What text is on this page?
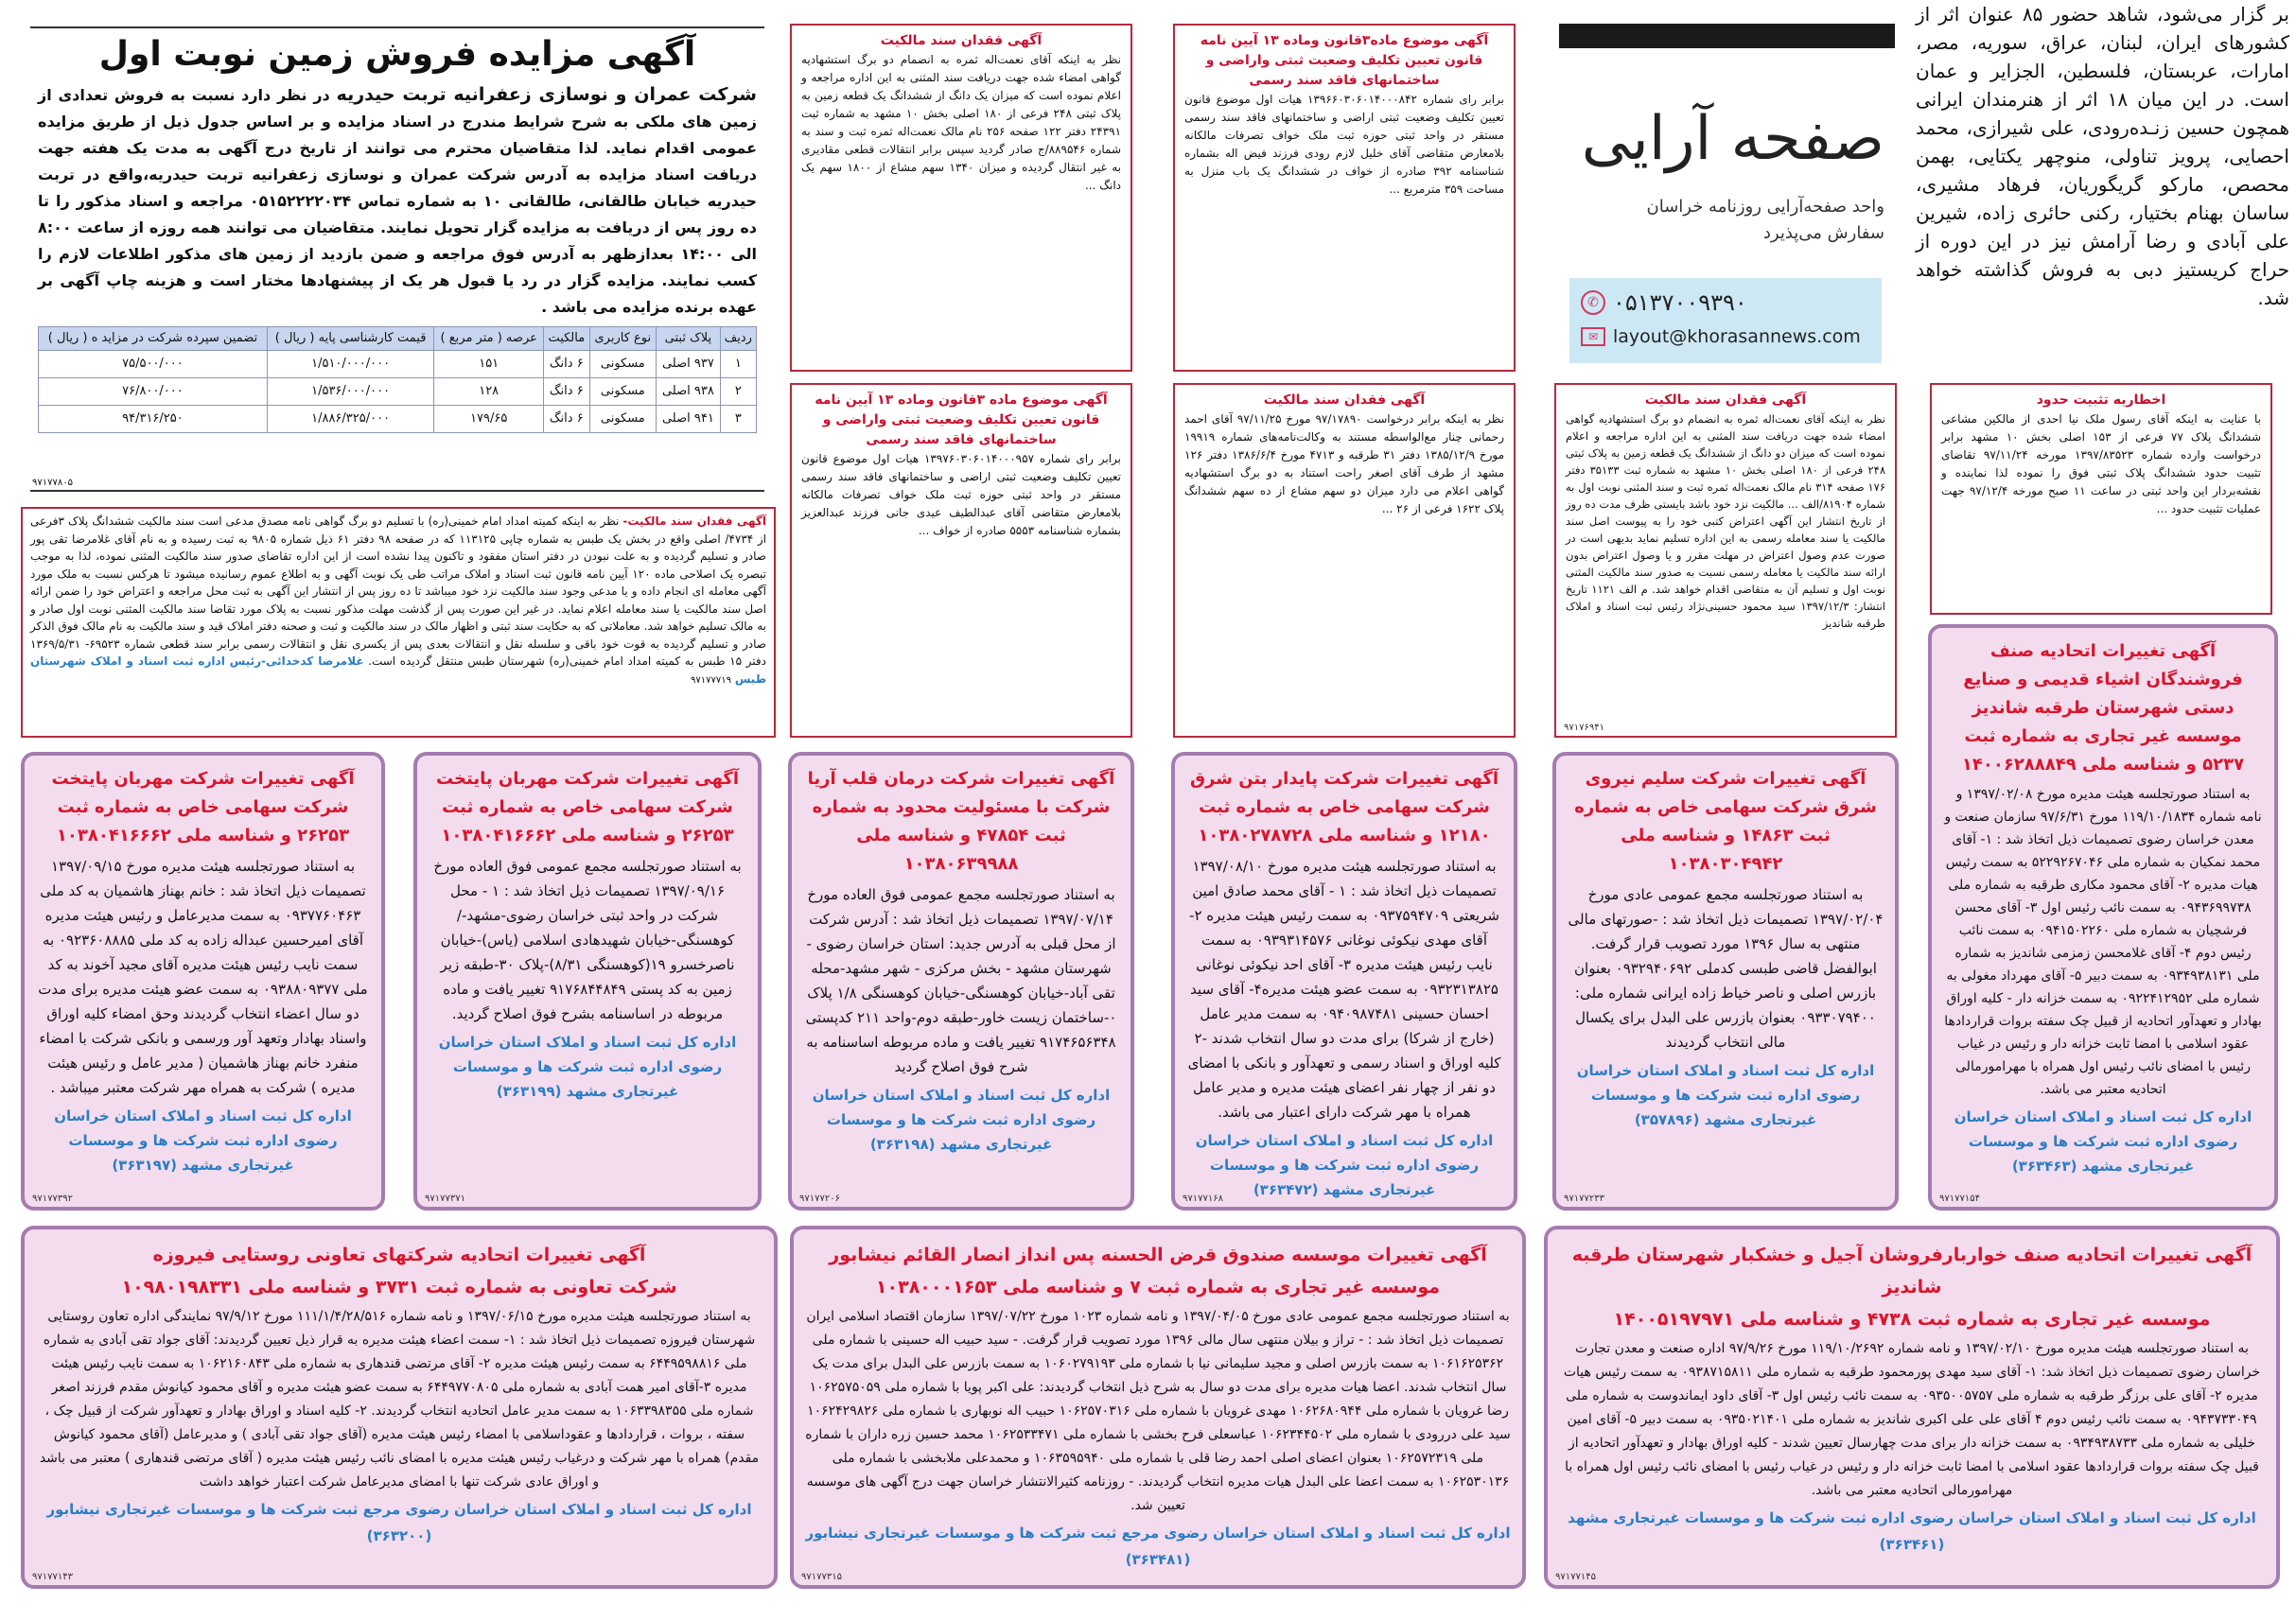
آگهی مزایده فروش زمین نوبت اول
شرکت عمران و نوسازی زعفرانیه تربت حیدریه در نظر دارد نسبت به فروش تعدادی از زمین های ملکی به شرح شرایط مندرج در اسناد مزایده و بر اساس جدول ذیل از طریق مزایده عمومی اقدام نماید. لذا متقاضیان محترم می توانند از تاریخ درج آگهی به مدت یک هفته جهت دریافت اسناد مزایده به آدرس شرکت عمران و نوسازی زعفرانیه تربت حیدریه،واقع در تربت حیدریه خیابان طالقانی، طالقانی ۱۰ به شماره تماس ۰۵۱۵۲۲۲۲۰۳۴ مراجعه و اسناد مذکور را تا ده روز پس از دریافت به مزایده گزار تحویل نمایند. متقاضیان می توانند همه روزه از ساعت ۸:۰۰ الی ۱۴:۰۰ بعدازظهر به آدرس فوق مراجعه و ضمن بازدید از زمین های مذکور اطلاعات لازم را کسب نمایند. مزایده گزار در رد یا قبول هر یک از پیشنهادها مختار است و هزینه چاپ آگهی بر عهده برنده مزایده می باشد .
ردیف	پلاک ثبتی	نوع کاربری	مالکیت	عرصه ( متر مربع )	قیمت کارشناسی پایه ( ریال )	تضمین سپرده شرکت در مزاید ه ( ریال )
۱	۹۳۷ اصلی	مسکونی	۶ دانگ	۱۵۱	۱/۵۱۰/۰۰۰/۰۰۰	۷۵/۵۰۰/۰۰۰
۲	۹۳۸ اصلی	مسکونی	۶ دانگ	۱۲۸	۱/۵۳۶/۰۰۰/۰۰۰	۷۶/۸۰۰/۰۰۰
۳	۹۴۱ اصلی	مسکونی	۶ دانگ	۱۷۹/۶۵	۱/۸۸۶/۳۲۵/۰۰۰	۹۴/۳۱۶/۲۵۰
۹۷۱۷۷۸۰۵
آگهی فقدان سند مالکیت- نظر به اینکه کمیته امداد امام خمینی(ره) با تسلیم دو برگ گواهی نامه مصدق مدعی است سند مالکیت ششدانگ پلاک ۳فرعی از ۴۷۳۴/ اصلی واقع در بخش یک طبس به شماره چاپی ۱۱۳۱۲۵ که در صفحه ۹۸ دفتر ۶۱ ذیل شماره ۹۸۰۵ به ثبت رسیده و به نام آقای غلامرضا تقی پور صادر و تسلیم گردیده و به علت نبودن در دفتر استان مفقود و تاکنون پیدا نشده است از این اداره تقاضای صدور سند مالکیت المثنی نموده، لذا به موجب تبصره یک اصلاحی ماده ۱۲۰ آیین نامه قانون ثبت اسناد و املاک مراتب طی یک نوبت آگهی و به اطلاع عموم رسانیده میشود تا هرکس نسبت به ملک مورد آگهی معامله ای انجام داده و یا مدعی وجود سند مالکیت نزد خود میباشد تا ده روز پس از انتشار این آگهی به ثبت محل مراجعه و اعتراض خود را ضمن ارائه اصل سند مالکیت یا سند معامله اعلام نماید. در غیر این صورت پس از گذشت مهلت مذکور نسبت به پلاک مورد تقاضا سند مالکیت المثنی نوبت اول صادر و به مالک تسلیم خواهد شد. معاملاتی که به حکایت سند ثبتی و اظهار مالک در سند مالکیت و ثبت و صحنه دفتر املاک قید و سند مالکیت به نام مالک فوق الذکر صادر و تسلیم گردیده به قوت خود باقی و سلسله نقل و انتقالات بعدی پس از یکسری نقل و انتقالات رسمی برابر سند قطعی شماره ۶۹۵۲۳- ۱۳۶۹/۵/۳۱ دفتر ۱۵ طبس به کمیته امداد امام خمینی(ره) شهرستان طبس منتقل گردیده است. غلامرضا کدخدائی-رئیس اداره ثبت اسناد و املاک شهرستان طبس ۹۷۱۷۷۷۱۹
آگهی فقدان سند مالکیت
نظر به اینکه آقای نعمت‌اله ثمره به انضمام دو برگ استشهادیه گواهی امضاء شده جهت دریافت سند المثنی به این اداره مراجعه و اعلام نموده است که میزان یک دانگ از ششدانگ یک قطعه زمین به پلاک ثبتی ۲۴۸ فرعی از ۱۸۰ اصلی بخش ۱۰ مشهد به شماره ثبت ۲۴۳۹۱ دفتر ۱۲۲ صفحه ۲۵۶ نام مالک نعمت‌اله ثمره ثبت و سند به شماره ۸۸۹۵۴۶/ج صادر گردید سپس برابر انتقالات قطعی مقادیری به غیر انتقال گردیده و میزان ۱۳۴۰ سهم مشاع از ۱۸۰۰ سهم یک دانگ ...
آگهی موضوع ماده۳قانون وماده ۱۳ آیین نامه قانون تعیین تکلیف وضعیت ثبتی واراضی و ساختمانهای فاقد سند رسمی
برابر رای شماره ۱۳۹۶۶۰۳۰۶۰۱۴۰۰۰۸۴۲ هیات اول موضوع قانون تعیین تکلیف وضعیت ثبتی اراضی و ساختمانهای فاقد سند رسمی مستقر در واحد ثبتی حوزه ثبت ملک خواف تصرفات مالکانه بلامعارض متقاضی آقای خلیل لازم رودی فرزند فیض اله بشماره شناسنامه ۳۹۲ صادره از خواف در ششدانگ یک باب منزل به مساحت ۳۵۹ مترمربع ...
آگهی موضوع ماده ۳قانون وماده ۱۳ آیین نامه قانون تعیین تکلیف وضعیت ثبتی واراضی و ساختمانهای فاقد سند رسمی
برابر رای شماره ۱۳۹۷۶۰۳۰۶۰۱۴۰۰۰۹۵۷ هیات اول موضوع قانون تعیین تکلیف وضعیت ثبتی اراضی و ساختمانهای فاقد سند رسمی مستقر در واحد ثبتی حوزه ثبت ملک خواف تصرفات مالکانه بلامعارض متقاضی آقای عبدالطیف عیدی جانی فرزند عبدالعزیز بشماره شناسنامه ۵۵۵۳ صادره از خواف ...
آگهی فقدان سند مالکیت
نظر به اینکه برابر درخواست ۹۷/۱۷۸۹۰ مورخ ۹۷/۱۱/۲۵ آقای احمد رحمانی چنار مع‌الواسطه مستند به وکالت‌نامه‌های شماره ۱۹۹۱۹ مورخ ۱۳۸۵/۱۲/۹ دفتر ۳۱ طرقبه و ۴۷۱۳ مورخ ۱۳۸۶/۶/۴ دفتر ۱۲۶ مشهد از طرف آقای اصغر راحت استناد به دو برگ استشهادیه گواهی اعلام می دارد میزان دو سهم مشاع از ده سهم ششدانگ پلاک ۱۶۲۲ فرعی از ۲۶ ...
آگهی فقدان سند مالکیت
نظر به اینکه آقای نعمت‌اله ثمره به انضمام دو برگ استشهادیه گواهی امضاء شده جهت دریافت سند المثنی به این اداره مراجعه و اعلام نموده است که میزان دو دانگ از ششدانگ یک قطعه زمین به پلاک ثبتی ۲۴۸ فرعی از ۱۸۰ اصلی بخش ۱۰ مشهد به شماره ثبت ۳۵۱۳۳ دفتر ۱۷۶ صفحه ۳۱۴ نام مالک نعمت‌اله ثمره ثبت و سند المثنی نوبت اول به شماره ۸۱۹۰۴/الف ... مالکیت نزد خود باشد بایستی ظرف مدت ده روز از تاریخ انتشار این آگهی اعتراض کتبی خود را به پیوست اصل سند مالکیت یا سند معامله رسمی به این اداره تسلیم نماید بدیهی است در صورت عدم وصول اعتراض در مهلت مقرر و یا وصول اعتراض بدون ارائه سند مالکیت یا معامله رسمی نسبت به صدور سند مالکیت المثنی نوبت اول و تسلیم آن به متقاضی اقدام خواهد شد. م الف ۱۱۲۱ تاریخ انتشار: ۱۳۹۷/۱۲/۳ سید محمود حسینی‌نژاد رئیس ثبت اسناد و املاک طرقبه شاندیز
۹۷۱۷۶۹۴۱
اخطاریه تثبیت حدود
با عنایت به اینکه آقای رسول ملک نیا احدی از مالکین مشاعی ششدانگ پلاک ۷۷ فرعی از ۱۵۳ اصلی بخش ۱۰ مشهد برابر درخواست وارده شماره ۱۳۹۷/۸۳۵۲۳ مورخه ۹۷/۱۱/۲۴ تقاضای تثبیت حدود ششدانگ پلاک ثبتی فوق را نموده لذا نماینده و نقشه‌بردار این واحد ثبتی در ساعت ۱۱ صبح مورخه ۹۷/۱۲/۴ جهت عملیات تثبیت حدود ...
صفحه آرایی
واحد صفحه‌آرایی روزنامه خراسان
سفارش می‌پذیرد
✆ ۰۵۱۳۷۰۰۹۳۹۰
✉ layout@khorasannews.com
بر گزار می‌شود، شاهد حضور ۸۵ عنوان اثر از کشورهای ایران، لبنان، عراق، سوریه، مصر، امارات، عربستان، فلسطین، الجزایر و عمان است. در این میان ۱۸ اثر از هنرمندان ایرانی همچون حسین زنـده‌رودی، علی شیرازی، محمد احصایی، پرویز تناولی، منوچهر یکتایی، بهمن محصص، مارکو گریگوریان، فرهاد مشیری، ساسان بهنام بختیار، رکنی حائری زاده، شیرین علی آبادی و رضا آرامش نیز در این دوره از حراج کریستیز دبی به فروش گذاشته خواهد شد.
آگهی تغییرات شرکت مهربان پایتخت شرکت سهامی خاص به شماره ثبت ۲۶۲۵۳ و شناسه ملی ۱۰۳۸۰۴۱۶۶۶۲
به استناد صورتجلسه هیئت مدیره مورخ ۱۳۹۷/۰۹/۱۵ تصمیمات ذیل اتخاذ شد : خانم بهناز هاشمیان به کد ملی ۰۹۳۷۷۶۰۴۶۳ به سمت مدیرعامل و رئیس هیئت مدیره آقای امیرحسین عبداله زاده به کد ملی ۰۹۲۳۶۰۸۸۸۵ به سمت نایب رئیس هیئت مدیره آقای مجید آخوند به کد ملی ۰۹۳۸۸۰۹۳۷۷ به سمت عضو هیئت مدیره برای مدت دو سال اعضاء انتخاب گردیدند وحق امضاء کلیه اوراق واسناد بهادار وتعهد آور ورسمی و بانکی شرکت با امضاء منفرد خانم بهناز هاشمیان ( مدیر عامل و رئیس هیئت مدیره ) شرکت به همراه مهر شرکت معتبر میباشد .
اداره کل ثبت اسناد و املاک استان خراسان رضوی اداره ثبت شرکت ها و موسسات غیرتجاری مشهد (۳۶۳۱۹۷)
۹۷۱۷۷۳۹۲
آگهی تغییرات شرکت مهربان پایتخت شرکت سهامی خاص به شماره ثبت ۲۶۲۵۳ و شناسه ملی ۱۰۳۸۰۴۱۶۶۶۲
به استناد صورتجلسه مجمع عمومی فوق العاده مورخ ۱۳۹۷/۰۹/۱۶ تصمیمات ذیل اتخاذ شد : ۱ - محل شرکت در واحد ثبتی خراسان رضوی-مشهد-/کوهسنگی-خیابان شهیدهادی اسلامی (یاس)-خیابان ناصرخسرو ۱۹(کوهسنگی ۸/۳۱)-پلاک ۳۰-طبقه زیر زمین به کد پستی ۹۱۷۶۸۴۴۸۴۹ تغییر یافت و ماده مربوطه در اساسنامه بشرح فوق اصلاح گردید.
اداره کل ثبت اسناد و املاک استان خراسان رضوی اداره ثبت شرکت ها و موسسات غیرتجاری مشهد (۳۶۳۱۹۹)
۹۷۱۷۷۳۷۱
آگهی تغییرات شرکت درمان قلب آریا شرکت با مسئولیت محدود به شماره ثبت ۴۷۸۵۴ و شناسه ملی ۱۰۳۸۰۶۳۹۹۸۸
به استناد صورتجلسه مجمع عمومی فوق العاده مورخ ۱۳۹۷/۰۷/۱۴ تصمیمات ذیل اتخاذ شد : آدرس شرکت از محل قبلی به آدرس جدید: استان خراسان رضوی - شهرستان مشهد - بخش مرکزی - شهر مشهد-محله تقی آباد-خیابان کوهسنگی-خیابان کوهسنگی ۱/۸ پلاک ۰-ساختمان زیست خاور-طبقه دوم-واحد ۲۱۱ کدپستی ۹۱۷۴۶۵۶۳۴۸ تغییر یافت و ماده مربوطه اساسنامه به شرح فوق اصلاح گردید
اداره کل ثبت اسناد و املاک استان خراسان رضوی اداره ثبت شرکت ها و موسسات غیرتجاری مشهد (۳۶۳۱۹۸)
۹۷۱۷۷۲۰۶
آگهی تغییرات شرکت پایدار بتن شرق شرکت سهامی خاص به شماره ثبت ۱۲۱۸۰ و شناسه ملی ۱۰۳۸۰۲۷۸۷۲۸
به استناد صورتجلسه هیئت مدیره مورخ ۱۳۹۷/۰۸/۱۰ تصمیمات ذیل اتخاذ شد : ۱ - آقای محمد صادق امین شریعتی ۰۹۳۷۵۹۴۷۰۹ به سمت رئیس هیئت مدیره ۲- آقای مهدی نیکوئی نوغانی ۰۹۳۹۳۱۴۵۷۶ به سمت نایب رئیس هیئت مدیره ۳- آقای احد نیکوئی نوغانی ۰۹۳۲۳۱۳۸۲۵ به سمت عضو هیئت مدیره۴- آقای سید احسان حسینی ۰۹۴۰۹۸۷۴۸۱ به سمت مدیر عامل (خارج از شرکا) برای مدت دو سال انتخاب شدند -۲ کلیه اوراق و اسناد رسمی و تعهدآور و بانکی با امضای دو نفر از چهار نفر اعضای هیئت مدیره و مدیر عامل همراه با مهر شرکت دارای اعتبار می باشد.
اداره کل ثبت اسناد و املاک استان خراسان رضوی اداره ثبت شرکت ها و موسسات غیرتجاری مشهد (۳۶۳۴۷۲)
۹۷۱۷۷۱۶۸
آگهی تغییرات شرکت سلیم نیروی شرق شرکت سهامی خاص به شماره ثبت ۱۴۸۶۳ و شناسه ملی ۱۰۳۸۰۳۰۴۹۴۲
به استناد صورتجلسه مجمع عمومی عادی مورخ ۱۳۹۷/۰۲/۰۴ تصمیمات ذیل اتخاذ شد : -صورتهای مالی منتهی به سال ۱۳۹۶ مورد تصویب قرار گرفت. ابوالفضل قاضی طبسی کدملی ۰۹۳۲۹۴۰۶۹۲ بعنوان بازرس اصلی و ناصر خیاط زاده ایرانی شماره ملی: ۰۹۳۳۰۷۹۴۰۰ بعنوان بازرس علی البدل برای یکسال مالی انتخاب گردیدند
اداره کل ثبت اسناد و املاک استان خراسان رضوی اداره ثبت شرکت ها و موسسات غیرتجاری مشهد (۳۵۷۸۹۶)
۹۷۱۷۷۲۳۳
آگهی تغییرات اتحادیه صنف فروشندگان اشیاء قدیمی و صنایع دستی شهرستان طرقبه شاندیز موسسه غیر تجاری به شماره ثبت ۵۲۳۷ و شناسه ملی ۱۴۰۰۶۲۸۸۸۴۹
به استناد صورتجلسه هیئت مدیره مورخ ۱۳۹۷/۰۲/۰۸ و نامه شماره ۱۱۹/۱۰/۱۸۳۴ مورخ ۹۷/۶/۳۱ سازمان صنعت و معدن خراسان رضوی تصمیمات ذیل اتخاذ شد : ۱- آقای محمد نمکیان به شماره ملی ۵۲۲۹۲۶۷۰۴۶ به سمت رئیس هیات مدیره ۲- آقای محمود مکاری طرقبه به شماره ملی ۰۹۴۳۶۹۹۷۳۸ به سمت نائب رئیس اول ۳- آقای محسن فرشچیان به شماره ملی ۰۹۴۱۵۰۲۲۶۰ به سمت نائب رئیس دوم ۴- آقای غلامحسن زمزمی شاندیز به شماره ملی ۰۹۳۴۹۳۸۱۳۱ به سمت دبیر ۵- آقای مهرداد مغولی به شماره ملی ۰۹۲۲۴۱۲۹۵۲ به سمت خزانه دار - کلیه اوراق بهادار و تعهدآور اتحادیه از قبیل چک سفته بروات قراردادها عقود اسلامی با امضا ثابت خزانه دار و رئیس در غیاب رئیس با امضای نائب رئیس اول همراه با مهرامورمالی اتحادیه معتبر می باشد.
اداره کل ثبت اسناد و املاک استان خراسان رضوی اداره ثبت شرکت ها و موسسات غیرتجاری مشهد (۳۶۳۴۶۳)
۹۷۱۷۷۱۵۴
آگهی تغییرات اتحادیه شرکتهای تعاونی روستایی فیروزه
شرکت تعاونی به شماره ثبت ۳۷۳۱ و شناسه ملی ۱۰۹۸۰۱۹۸۳۳۱
به استناد صورتجلسه هیئت مدیره مورخ ۱۳۹۷/۰۶/۱۵ و نامه شماره ۱۱۱/۱/۴/۲۸/۵۱۶ مورخ ۹۷/۹/۱۲ نمایندگی اداره تعاون روستایی شهرستان فیروزه تصمیمات ذیل اتخاذ شد : ۱- سمت اعضاء هیئت مدیره به قرار ذیل تعیین گردیدند: آقای جواد تقی آبادی به شماره ملی ۶۴۴۹۵۹۸۸۱۶ به سمت رئیس هیئت مدیره ۲- آقای مرتضی قندهاری به شماره ملی ۱۰۶۲۱۶۰۸۴۳ به سمت نایب رئیس هیئت مدیره ۳-آقای امیر همت آبادی به شماره ملی ۶۴۴۹۷۷۰۸۰۵ به سمت عضو هیئت مدیره و آقای محمود کیانوش مقدم فرزند اصغر شماره ملی ۱۰۶۳۳۹۸۳۵۵ به سمت مدیر عامل اتحادیه انتخاب گردیدند. ۲- کلیه اسناد و اوراق بهادار و تعهدآور شرکت از قبیل چک ، سفته ، بروات ، قراردادها و عقوداسلامی با امضاء رئیس هیئت مدیره (آقای جواد تقی آبادی ) و مدیرعامل (آقای محمود کیانوش مقدم) همراه با مهر شرکت و درغیاب رئیس هیئت مدیره با امضای نائب رئیس هیئت مدیره ( آقای مرتضی قندهاری ) معتبر می باشد و اوراق عادی شرکت تنها با امضای مدیرعامل شرکت اعتبار خواهد داشت
اداره کل ثبت اسناد و املاک استان خراسان رضوی مرجع ثبت شرکت ها و موسسات غیرتجاری نیشابور (۳۶۳۲۰۰)
۹۷۱۷۷۱۴۳
آگهی تغییرات موسسه صندوق قرض الحسنه پس انداز انصار القائم نیشابور
موسسه غیر تجاری به شماره ثبت ۷ و شناسه ملی ۱۰۳۸۰۰۰۱۶۵۳
به استناد صورتجلسه مجمع عمومی عادی مورخ ۱۳۹۷/۰۴/۰۵ و نامه شماره ۱۰۲۳ مورخ ۱۳۹۷/۰۷/۲۲ سازمان اقتصاد اسلامی ایران تصمیمات ذیل اتخاذ شد : - تراز و بیلان منتهی سال مالی ۱۳۹۶ مورد تصویب قرار گرفت. - سید حبیب اله حسینی با شماره ملی ۱۰۶۱۶۲۵۳۶۲ به سمت بازرس اصلی و مجید سلیمانی نیا با شماره ملی ۱۰۶۰۲۷۹۱۹۳ به سمت بازرس علی البدل برای مدت یک سال انتخاب شدند. اعضا هیات مدیره برای مدت دو سال به شرح ذیل انتخاب گردیدند: علی اکبر پویا با شماره ملی ۱۰۶۲۵۷۵۰۵۹ رضا غرویان با شماره ملی ۱۰۶۲۶۸۰۹۴۴ مهدی غرویان با شماره ملی ۱۰۶۲۵۷۰۳۱۶ حبیب اله نوبهاری با شماره ملی ۱۰۶۲۴۲۹۸۲۶ سید علی دررودی با شماره ملی ۱۰۶۲۳۴۴۵۰۲ عباسعلی فرح بخشی با شماره ملی ۱۰۶۲۵۳۳۴۷۱ محمد حسین زره داران با شماره ملی ۱۰۶۲۵۷۲۳۱۹ بعنوان اعضای اصلی احمد رضا قلی با شماره ملی ۱۰۶۳۵۹۵۹۴۰ و محمدعلی ملابخشی با شماره ملی ۱۰۶۲۵۳۰۱۳۶ به سمت اعضا علی البدل هیات مدیره انتخاب گردیدند. - روزنامه کثیرالانتشار خراسان جهت درج آگهی های موسسه تعیین شد.
اداره کل ثبت اسناد و املاک استان خراسان رضوی مرجع ثبت شرکت ها و موسسات غیرتجاری نیشابور (۳۶۳۴۸۱)
۹۷۱۷۷۳۱۵
آگهی تغییرات اتحادیه صنف خواربارفروشان آجیل و خشکبار شهرستان طرقبه شاندیز
موسسه غیر تجاری به شماره ثبت ۴۷۳۸ و شناسه ملی ۱۴۰۰۵۱۹۷۹۷۱
به استناد صورتجلسه هیئت مدیره مورخ ۱۳۹۷/۰۲/۱۰ و نامه شماره ۱۱۹/۱۰/۲۶۹۲ مورخ ۹۷/۹/۲۶ اداره صنعت و معدن تجارت خراسان رضوی تصمیمات ذیل اتخاذ شد: ۱- آقای سید مهدی پورمحمود طرقبه به شماره ملی ۰۹۳۸۷۱۵۸۱۱ به سمت رئیس هیات مدیره ۲- آقای علی برزگر طرقبه به شماره ملی ۰۹۳۵۰۰۵۷۵۷ به سمت نائب رئیس اول ۳- آقای داود ایماندوست به شماره ملی ۰۹۴۳۷۳۳۰۴۹ به سمت نائب رئیس دوم ۴ آقای علی علی اکبری شاندیز به شماره ملی ۰۹۳۵۰۲۱۴۰۱ به سمت دبیر ۵- آقای امین خلیلی به شماره ملی ۰۹۳۴۹۳۸۷۳۳ به سمت خزانه دار برای مدت چهارسال تعیین شدند - کلیه اوراق بهادار و تعهدآور اتحادیه از قبیل چک سفته بروات قراردادها عقود اسلامی با امضا ثابت خزانه دار و رئیس در غیاب رئیس با امضای نائب رئیس اول همراه با مهرامورمالی اتحادیه معتبر می باشد.
اداره کل ثبت اسناد و املاک استان خراسان رضوی اداره ثبت شرکت ها و موسسات غیرتجاری مشهد (۳۶۳۴۶۱)
۹۷۱۷۷۱۴۵
